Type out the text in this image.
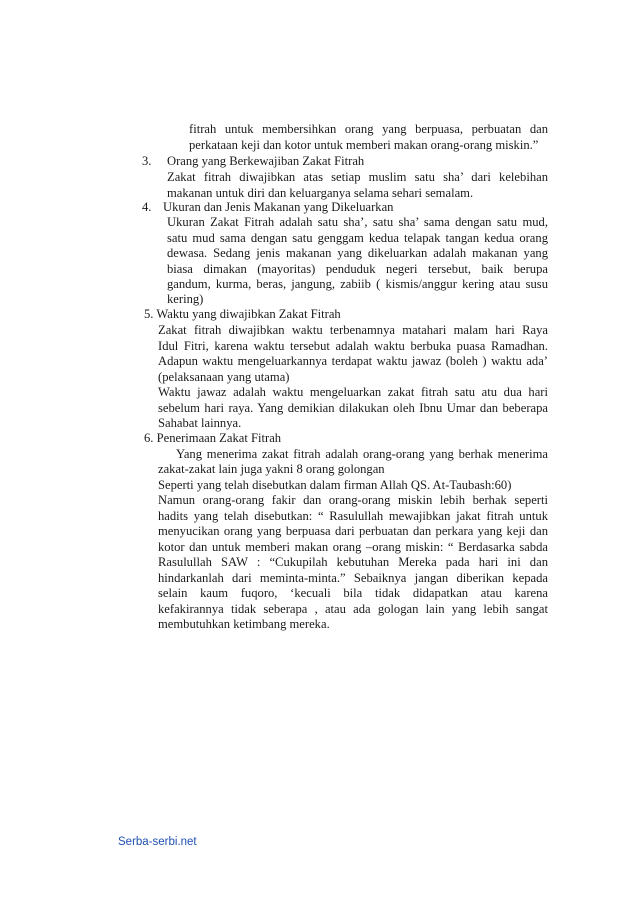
fitrah untuk membersihkan orang yang berpuasa, perbuatan dan
perkataan keji dan kotor untuk memberi makan orang-orang miskin.”
3. Orang yang Berkewajiban Zakat Fitrah
Zakat fitrah diwajibkan atas setiap muslim satu sha’ dari kelebihan
makanan untuk diri dan keluarganya selama sehari semalam.
4. Ukuran dan Jenis Makanan yang Dikeluarkan
Ukuran Zakat Fitrah adalah satu sha’, satu sha’ sama dengan satu mud,
satu mud sama dengan satu genggam kedua telapak tangan kedua orang
dewasa. Sedang jenis makanan yang dikeluarkan adalah makanan yang
biasa dimakan (mayoritas) penduduk negeri tersebut, baik berupa
gandum, kurma, beras, jangung, zabiib ( kismis/anggur kering atau susu
kering)
5. Waktu yang diwajibkan Zakat Fitrah
Zakat fitrah diwajibkan waktu terbenamnya matahari malam hari Raya
Idul Fitri, karena waktu tersebut adalah waktu berbuka puasa Ramadhan.
Adapun waktu mengeluarkannya terdapat waktu jawaz (boleh ) waktu ada’
(pelaksanaan yang utama)
Waktu jawaz adalah waktu mengeluarkan zakat fitrah satu atu dua hari
sebelum hari raya. Yang demikian dilakukan oleh Ibnu Umar dan beberapa
Sahabat lainnya.
6. Penerimaan Zakat Fitrah
Yang menerima zakat fitrah adalah orang-orang yang berhak menerima
zakat-zakat lain juga yakni 8 orang golongan
Seperti yang telah disebutkan dalam firman Allah QS. At-Taubash:60)
Namun orang-orang fakir dan orang-orang miskin lebih berhak seperti
hadits yang telah disebutkan: “ Rasulullah mewajibkan jakat fitrah untuk
menyucikan orang yang berpuasa dari perbuatan dan perkara yang keji dan
kotor dan untuk memberi makan orang –orang miskin: “ Berdasarka sabda
Rasulullah SAW : “Cukupilah kebutuhan Mereka pada hari ini dan
hindarkanlah dari meminta-minta.” Sebaiknya jangan diberikan kepada
selain kaum fuqoro, ‘kecuali bila tidak didapatkan atau karena
kefakirannya tidak seberapa , atau ada gologan lain yang lebih sangat
membutuhkan ketimbang mereka.
Serba-serbi.net
